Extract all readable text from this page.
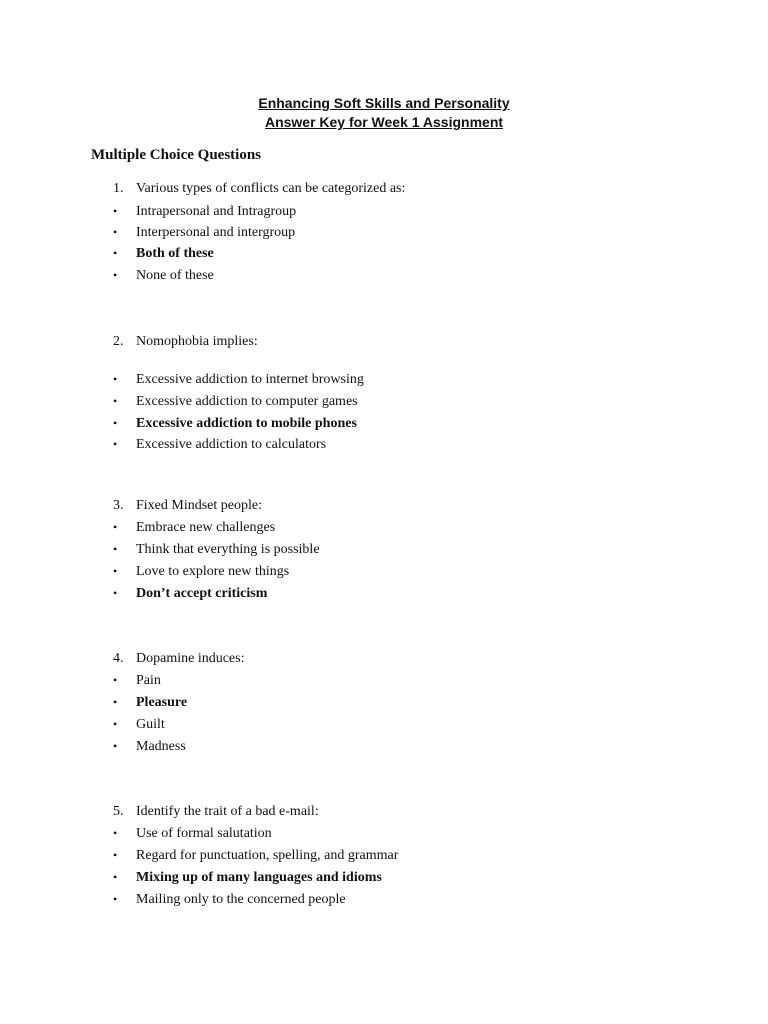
Enhancing Soft Skills and Personality
Answer Key for Week 1 Assignment
Multiple Choice Questions
1. Various types of conflicts can be categorized as:
• Intrapersonal and Intragroup
• Interpersonal and intergroup
• Both of these
• None of these
2. Nomophobia implies:
• Excessive addiction to internet browsing
• Excessive addiction to computer games
• Excessive addiction to mobile phones
• Excessive addiction to calculators
3. Fixed Mindset people:
• Embrace new challenges
• Think that everything is possible
• Love to explore new things
• Don’t accept criticism
4. Dopamine induces:
• Pain
• Pleasure
• Guilt
• Madness
5. Identify the trait of a bad e-mail:
• Use of formal salutation
• Regard for punctuation, spelling, and grammar
• Mixing up of many languages and idioms
• Mailing only to the concerned people
